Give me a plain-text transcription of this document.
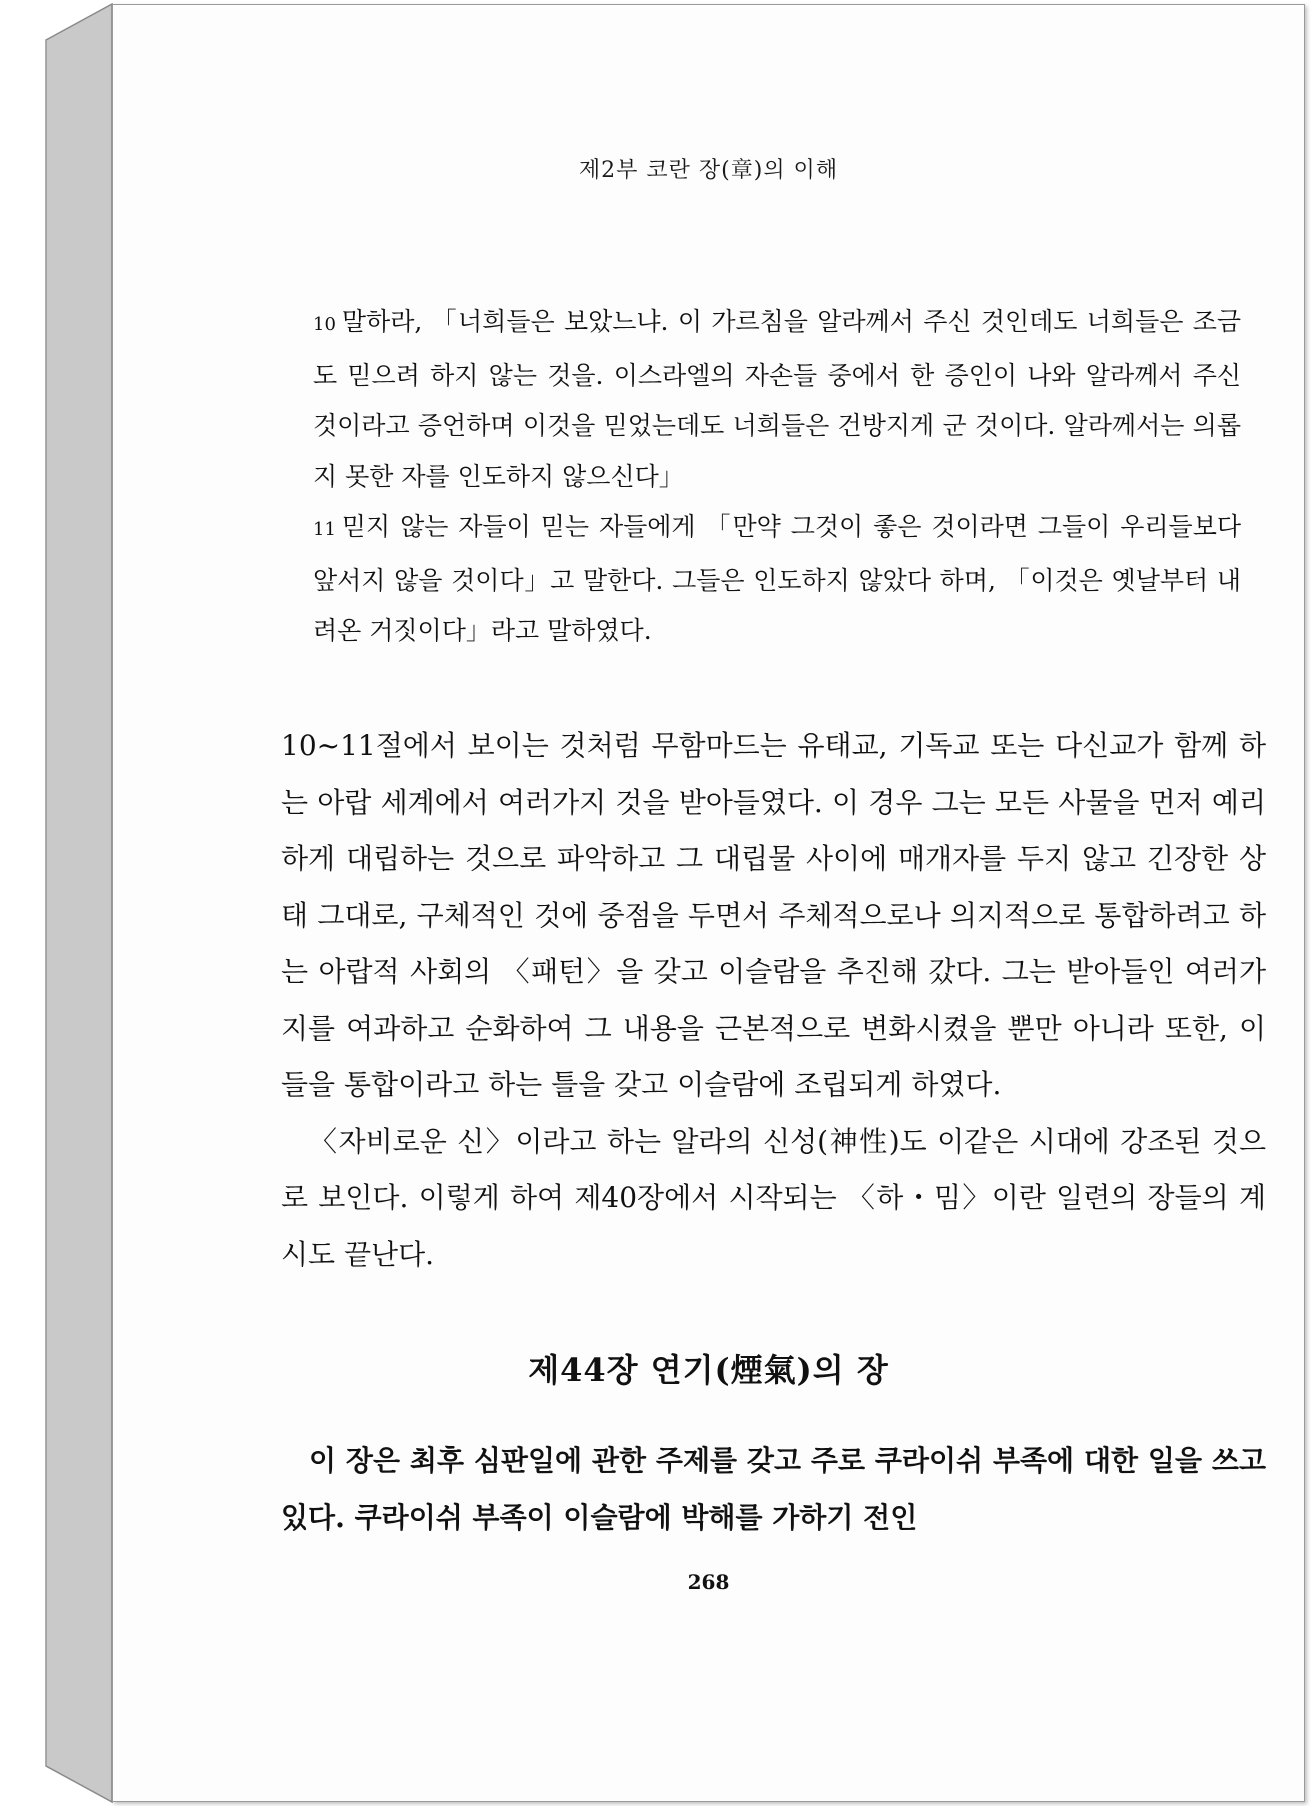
제2부 코란 장(章)의 이해

10 말하라, 「너희들은 보았느냐. 이 가르침을 알라께서 주신 것인데도 너희들은 조금도 믿으려 하지 않는 것을. 이스라엘의 자손들 중에서 한 증인이 나와 알라께서 주신 것이라고 증언하며 이것을 믿었는데도 너희들은 건방지게 군 것이다. 알라께서는 의롭지 못한 자를 인도하지 않으신다」

11 믿지 않는 자들이 믿는 자들에게 「만약 그것이 좋은 것이라면 그들이 우리들보다 앞서지 않을 것이다」고 말한다. 그들은 인도하지 않았다 하며, 「이것은 옛날부터 내려온 거짓이다」라고 말하였다.

10~11절에서 보이는 것처럼 무함마드는 유태교, 기독교 또는 다신교가 함께 하는 아랍 세계에서 여러가지 것을 받아들였다. 이 경우 그는 모든 사물을 먼저 예리하게 대립하는 것으로 파악하고 그 대립물 사이에 매개자를 두지 않고 긴장한 상태 그대로, 구체적인 것에 중점을 두면서 주체적으로나 의지적으로 통합하려고 하는 아랍적 사회의 〈패턴〉을 갖고 이슬람을 추진해 갔다. 그는 받아들인 여러가지를 여과하고 순화하여 그 내용을 근본적으로 변화시켰을 뿐만 아니라 또한, 이들을 통합이라고 하는 틀을 갖고 이슬람에 조립되게 하였다.

〈자비로운 신〉이라고 하는 알라의 신성(神性)도 이같은 시대에 강조된 것으로 보인다. 이렇게 하여 제40장에서 시작되는 〈하・밈〉이란 일련의 장들의 계시도 끝난다.

제44장 연기(煙氣)의 장

이 장은 최후 심판일에 관한 주제를 갖고 주로 쿠라이쉬 부족에 대한 일을 쓰고 있다. 쿠라이쉬 부족이 이슬람에 박해를 가하기 전인

268
